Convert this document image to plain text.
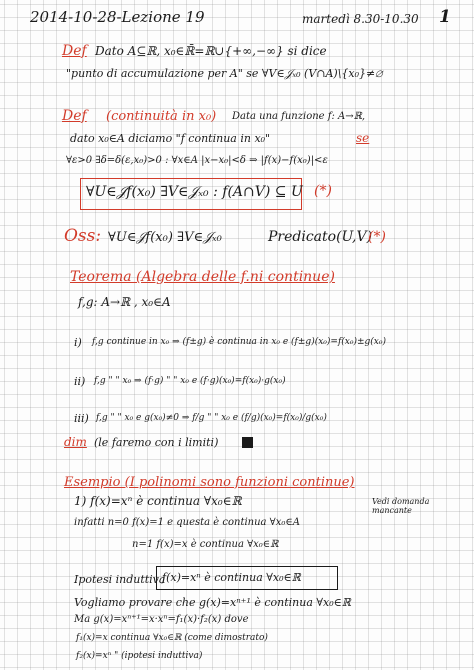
2014-10-28-Lezione 19	martedì 8.30-10.30 1
Def Dato A⊆ℝ, x₀∈ℝ̄=ℝ∪{+∞,−∞} si dice
"punto di accumulazione per A" se ∀V∈𝒥ₓ₀ (V∩A)\{x₀}≠∅
Def (continuità in x₀) Data una funzione f: A→ℝ,
dato x₀∈A diciamo "f continua in x₀"	se
∀ε>0 ∃δ=δ(ε,x₀)>0 : ∀x∈A |x−x₀|<δ ⇒ |f(x)−f(x₀)|<ε
∀U∈𝒥f(x₀) ∃V∈𝒥ₓ₀ : f(A∩V) ⊆ U (*)
Oss: ∀U∈𝒥f(x₀) ∃V∈𝒥ₓ₀	Predicato(U,V)
(*)
Teorema (Algebra delle f.ni continue)
f,g: A→ℝ , x₀∈A
i) f,g continue in x₀ ⇒ (f±g) è continua in x₀ e (f±g)(x₀)=f(x₀)±g(x₀)
ii) f,g " " x₀ ⇒ (f·g) " " x₀ e (f·g)(x₀)=f(x₀)·g(x₀)
iii) f,g " " x₀ e g(x₀)≠0 ⇒ f/g " " x₀ e (f/g)(x₀)=f(x₀)/g(x₀)
dim (le faremo con i limiti)
Esempio (I polinomi sono funzioni continue)
1) f(x)=xⁿ è continua ∀x₀∈ℝ	Vedi domanda mancante
infatti n=0 f(x)=1 e questa è continua ∀x₀∈A
n=1 f(x)=x è continua ∀x₀∈ℝ
Ipotesi induttiva
f(x)=xⁿ è continua ∀x₀∈ℝ
Vogliamo provare che g(x)=xⁿ⁺¹ è continua ∀x₀∈ℝ
Ma g(x)=xⁿ⁺¹=x·xⁿ=f₁(x)·f₂(x) dove
f₁(x)=x continua ∀x₀∈ℝ (come dimostrato)
f₂(x)=xⁿ " (ipotesi induttiva)
